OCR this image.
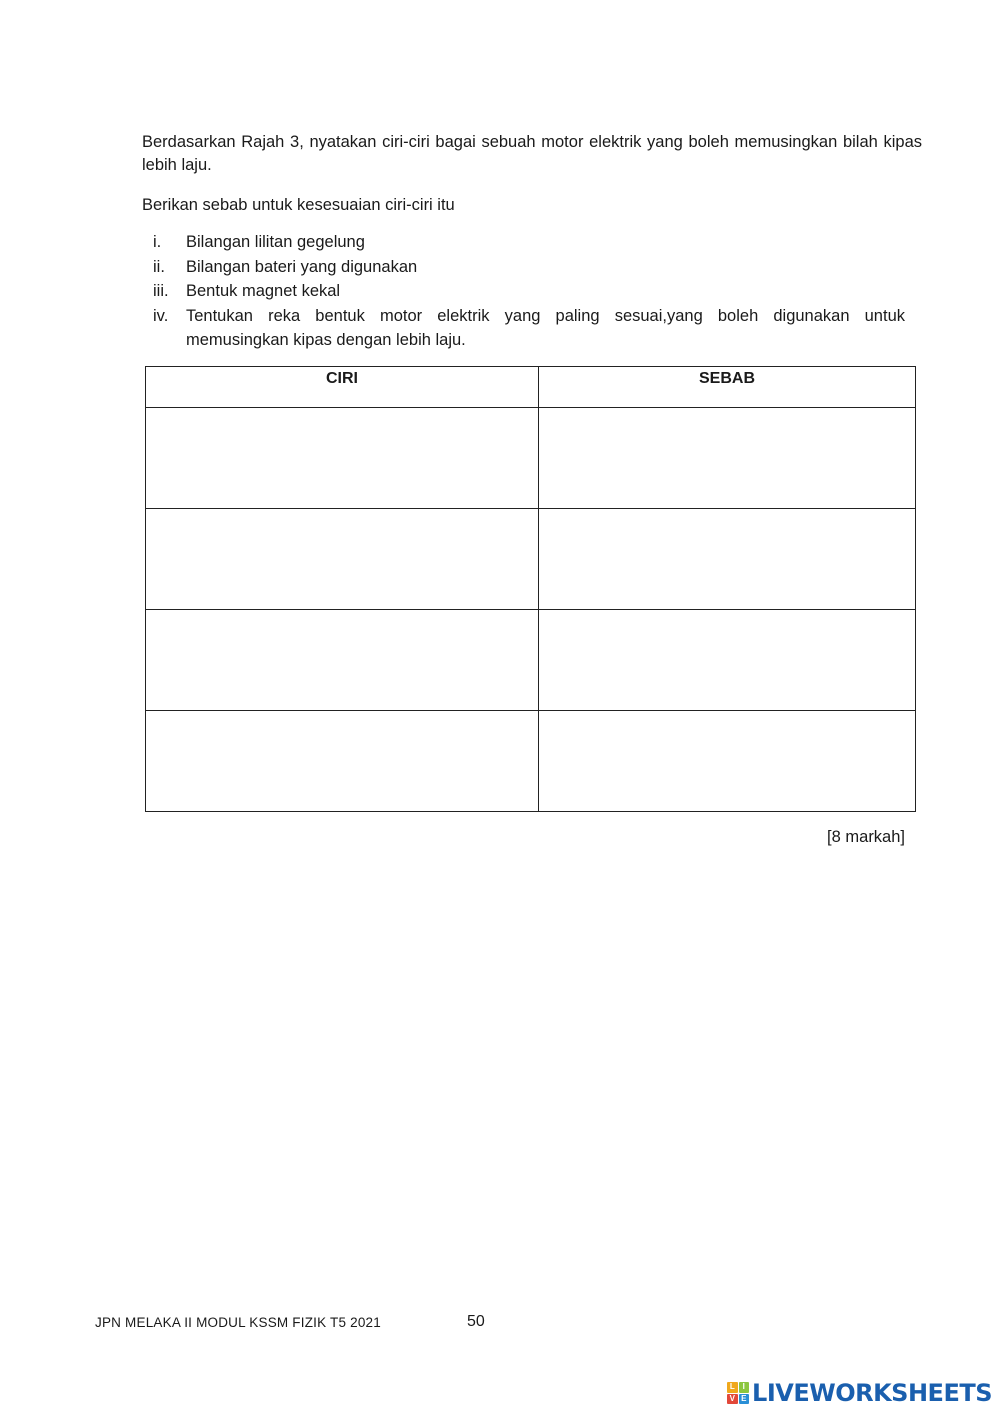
Berdasarkan Rajah 3, nyatakan ciri-ciri bagai sebuah motor elektrik yang boleh memusingkan bilah kipas lebih laju.

Berikan sebab untuk kesesuaian ciri-ciri itu

i. Bilangan lilitan gegelung
ii. Bilangan bateri yang digunakan
iii. Bentuk magnet kekal
iv. Tentukan reka bentuk motor elektrik yang paling sesuai,yang boleh digunakan untuk memusingkan kipas dengan lebih laju.
CIRI	SEBAB

[8 markah]
JPN MELAKA II MODUL KSSM FIZIK T5 2021	50
L I
V E LIVEWORKSHEETS
